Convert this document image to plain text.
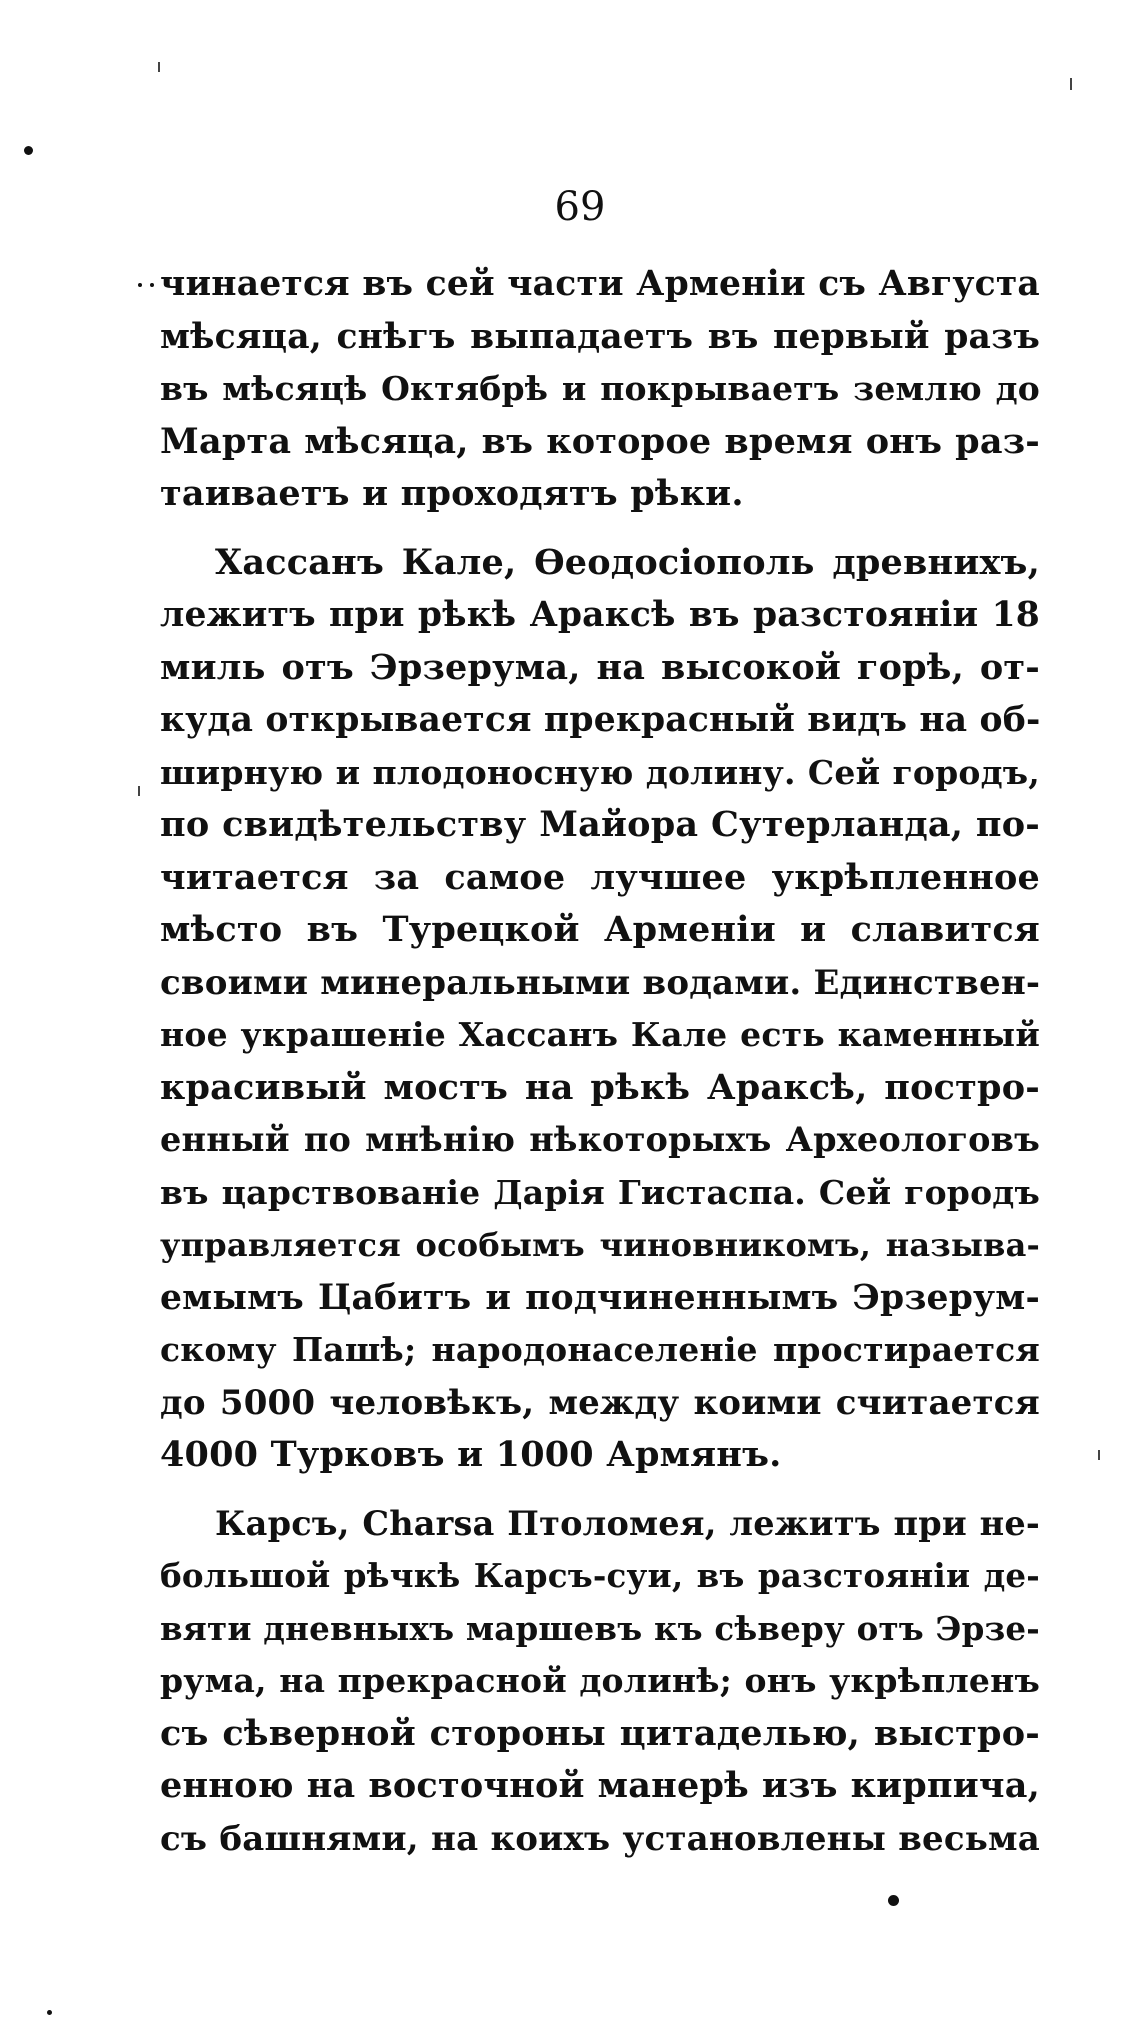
69
чинается въ сей части Арменіи съ Августа
мѣсяца, снѣгъ выпадаетъ въ первый разъ
въ мѣсяцѣ Октябрѣ и покрываетъ землю до
Марта мѣсяца, въ которое время онъ раз-
таиваетъ и проходятъ рѣки.
Хассанъ Кале, Ѳеодосіополь древнихъ,
лежитъ при рѣкѣ Араксѣ въ разстояніи 18
миль отъ Эрзерума, на высокой горѣ, от-
куда открывается прекрасный видъ на об-
ширную и плодоносную долину. Сей городъ,
по свидѣтельству Майора Сутерланда, по-
читается за самое лучшее укрѣпленное
мѣсто въ Турецкой Арменіи и славится
своими минеральными водами. Единствен-
ное украшеніе Хассанъ Кале есть каменный
красивый мостъ на рѣкѣ Араксѣ, постро-
енный по мнѣнію нѣкоторыхъ Археологовъ
въ царствованіе Дарія Гистаспа. Сей городъ
управляется особымъ чиновникомъ, называ-
емымъ Цабитъ и подчиненнымъ Эрзерум-
скому Пашѣ; народонаселеніе простирается
до 5000 человѣкъ, между коими считается
4000 Турковъ и 1000 Армянъ.
Карсъ, Charsa Птоломея, лежитъ при не-
большой рѣчкѣ Карсъ-суи, въ разстояніи де-
вяти дневныхъ маршевъ къ сѣверу отъ Эрзе-
рума, на прекрасной долинѣ; онъ укрѣпленъ
съ сѣверной стороны цитаделью, выстро-
енною на восточной манерѣ изъ кирпича,
съ башнями, на коихъ установлены весьма
